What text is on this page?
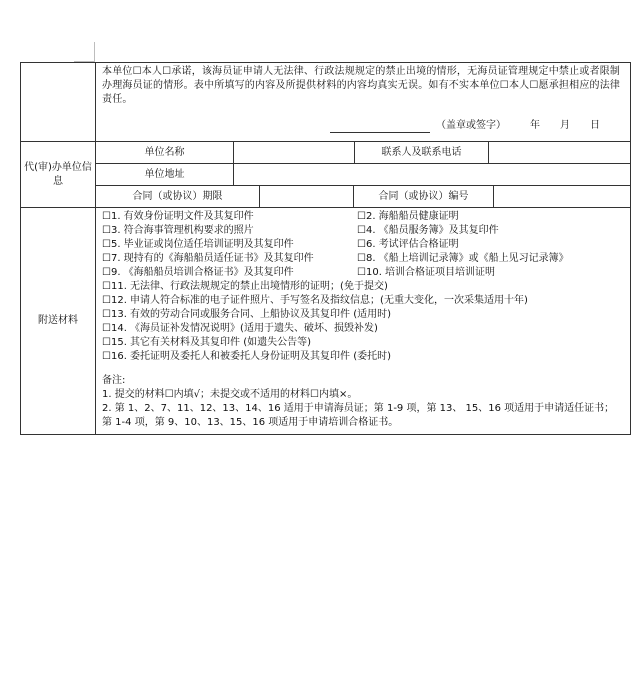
本单位☐本人☐承诺，该海员证申请人无法律、行政法规规定的禁止出境的情形，无海员证管理规定中禁止或者限制办理海员证的情形。表中所填写的内容及所提供材料的内容均真实无误。如有不实本单位☐本人☐愿承担相应的法律责任。
（盖章或签字） 年 月 日
代(审)办单位信息
单位名称	联系人及联系电话
单位地址
合同（或协议）期限	合同（或协议）编号
附送材料
☐1. 有效身份证明文件及其复印件	☐2. 海船船员健康证明
☐3. 符合海事管理机构要求的照片	☐4. 《船员服务簿》及其复印件
☐5. 毕业证或岗位适任培训证明及其复印件	☐6. 考试评估合格证明
☐7. 现持有的《海船船员适任证书》及其复印件	☐8. 《船上培训记录簿》或《船上见习记录簿》
☐9. 《海船船员培训合格证书》及其复印件	☐10. 培训合格证项目培训证明
☐11. 无法律、行政法规规定的禁止出境情形的证明；(免于提交)
☐12. 申请人符合标准的电子证件照片、手写签名及指纹信息；(无重大变化，一次采集适用十年)
☐13. 有效的劳动合同或服务合同、上船协议及其复印件 (适用时)
☐14. 《海员证补发情况说明》(适用于遗失、破坏、损毁补发)
☐15. 其它有关材料及其复印件 (如遗失公告等)
☐16. 委托证明及委托人和被委托人身份证明及其复印件 (委托时)
备注:
1. 提交的材料☐内填√；未提交或不适用的材料☐内填×。
2. 第 1、2、7、11、12、13、14、16 适用于申请海员证；第 1-9 项，第 13、 15、16 项适用于申请适任证书；第 1-4 项，第 9、10、13、15、16 项适用于申请培训合格证书。
